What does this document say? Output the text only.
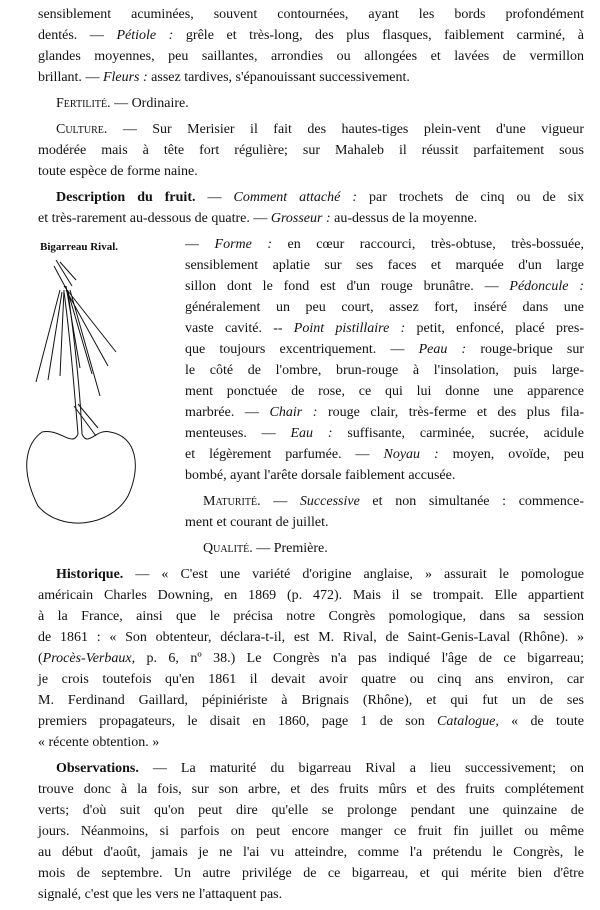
sensiblement acuminées, souvent contournées, ayant les bords profondément
dentés. — Pétiole : grêle et très-long, des plus flasques, faiblement carminé, à
glandes moyennes, peu saillantes, arrondies ou allongées et lavées de vermillon
brillant. — Fleurs : assez tardives, s'épanouissant successivement.
Fertilité. — Ordinaire.
Culture. — Sur Merisier il fait des hautes-tiges plein-vent d'une vigueur
modérée mais à tête fort régulière; sur Mahaleb il réussit parfaitement sous
toute espèce de forme naine.
Description du fruit. — Comment attaché : par trochets de cinq ou de six
et très-rarement au-dessous de quatre. — Grosseur : au-dessus de la moyenne.
Bigarreau Rival.	— Forme : en cœur raccourci, très-obtuse, très-bossuée,
sensiblement aplatie sur ses faces et marquée d'un large
sillon dont le fond est d'un rouge brunâtre. — Pédoncule :
généralement un peu court, assez fort, inséré dans une
vaste cavité. -- Point pistillaire : petit, enfoncé, placé pres-
que toujours excentriquement. — Peau : rouge-brique sur
le côté de l'ombre, brun-rouge à l'insolation, puis large-
ment ponctuée de rose, ce qui lui donne une apparence
marbrée. — Chair : rouge clair, très-ferme et des plus fila-
menteuses. — Eau : suffisante, carminée, sucrée, acidule
et légèrement parfumée. — Noyau : moyen, ovoïde, peu
bombé, ayant l'arête dorsale faiblement accusée.
Maturité. — Successive et non simultanée : commence-
ment et courant de juillet.
Qualité. — Première.
Historique. — « C'est une variété d'origine anglaise, » assurait le pomologue
américain Charles Downing, en 1869 (p. 472). Mais il se trompait. Elle appartient
à la France, ainsi que le précisa notre Congrès pomologique, dans sa session
de 1861 : « Son obtenteur, déclara-t-il, est M. Rival, de Saint-Genis-Laval (Rhône). »
(Procès-Verbaux, p. 6, nº 38.) Le Congrès n'a pas indiqué l'âge de ce bigarreau;
je crois toutefois qu'en 1861 il devait avoir quatre ou cinq ans environ, car
M. Ferdinand Gaillard, pépiniériste à Brignais (Rhône), et qui fut un de ses
premiers propagateurs, le disait en 1860, page 1 de son Catalogue, « de toute
« récente obtention. »
Observations. — La maturité du bigarreau Rival a lieu successivement; on
trouve donc à la fois, sur son arbre, et des fruits mûrs et des fruits complétement
verts; d'où suit qu'on peut dire qu'elle se prolonge pendant une quinzaine de
jours. Néanmoins, si parfois on peut encore manger ce fruit fin juillet ou même
au début d'août, jamais je ne l'ai vu atteindre, comme l'a prétendu le Congrès, le
mois de septembre. Un autre privilége de ce bigarreau, et qui mérite bien d'être
signalé, c'est que les vers ne l'attaquent pas.
